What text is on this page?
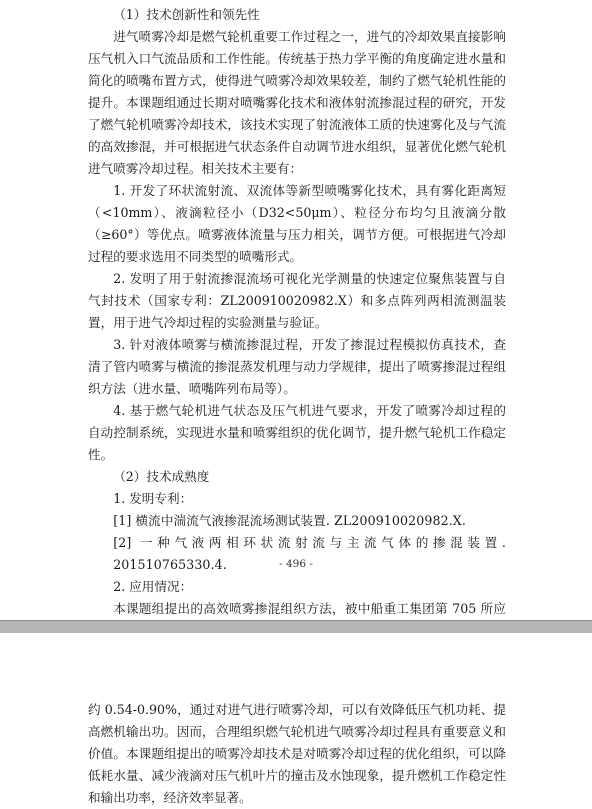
（1）技术创新性和领先性

进气喷雾冷却是燃气轮机重要工作过程之一，进气的冷却效果直接影响压气机入口气流品质和工作性能。传统基于热力学平衡的角度确定进水量和简化的喷嘴布置方式，使得进气喷雾冷却效果较差，制约了燃气轮机性能的提升。本课题组通过长期对喷嘴雾化技术和液体射流掺混过程的研究，开发了燃气轮机喷雾冷却技术，该技术实现了射流液体工质的快速雾化及与气流的高效掺混，并可根据进气状态条件自动调节进水组织，显著优化燃气轮机进气喷雾冷却过程。相关技术主要有：

1. 开发了环状流射流、双流体等新型喷嘴雾化技术，具有雾化距离短（<10mm）、液滴粒径小（D32<50μm）、粒径分布均匀且液滴分散（≥60°）等优点。喷雾液体流量与压力相关，调节方便。可根据进气冷却过程的要求选用不同类型的喷嘴形式。

2. 发明了用于射流掺混流场可视化光学测量的快速定位聚焦装置与自气封技术（国家专利：ZL200910020982.X）和多点阵列两相流测温装置，用于进气冷却过程的实验测量与验证。

3. 针对液体喷雾与横流掺混过程，开发了掺混过程模拟仿真技术，查清了管内喷雾与横流的掺混蒸发机理与动力学规律，提出了喷雾掺混过程组织方法（进水量、喷嘴阵列布局等）。

4. 基于燃气轮机进气状态及压气机进气要求，开发了喷雾冷却过程的自动控制系统，实现进水量和喷雾组织的优化调节，提升燃气轮机工作稳定性。

（2）技术成熟度

1. 发明专利：

[1] 横流中湍流气液掺混流场测试装置. ZL200910020982.X.

[2] 一种气液两相环状流射流与主流气体的掺混装置. 201510765330.4.

2. 应用情况：

本课题组提出的高效喷雾掺混组织方法，被中船重工集团第 705 所应

- 496 -

约 0.54-0.90%，通过对进气进行喷雾冷却，可以有效降低压气机功耗、提高燃机输出功。因而，合理组织燃气轮机进气喷雾冷却过程具有重要意义和价值。本课题组提出的喷雾冷却技术是对喷雾冷却过程的优化组织，可以降低耗水量、减少液滴对压气机叶片的撞击及水蚀现象，提升燃机工作稳定性和输出功率，经济效率显著。
